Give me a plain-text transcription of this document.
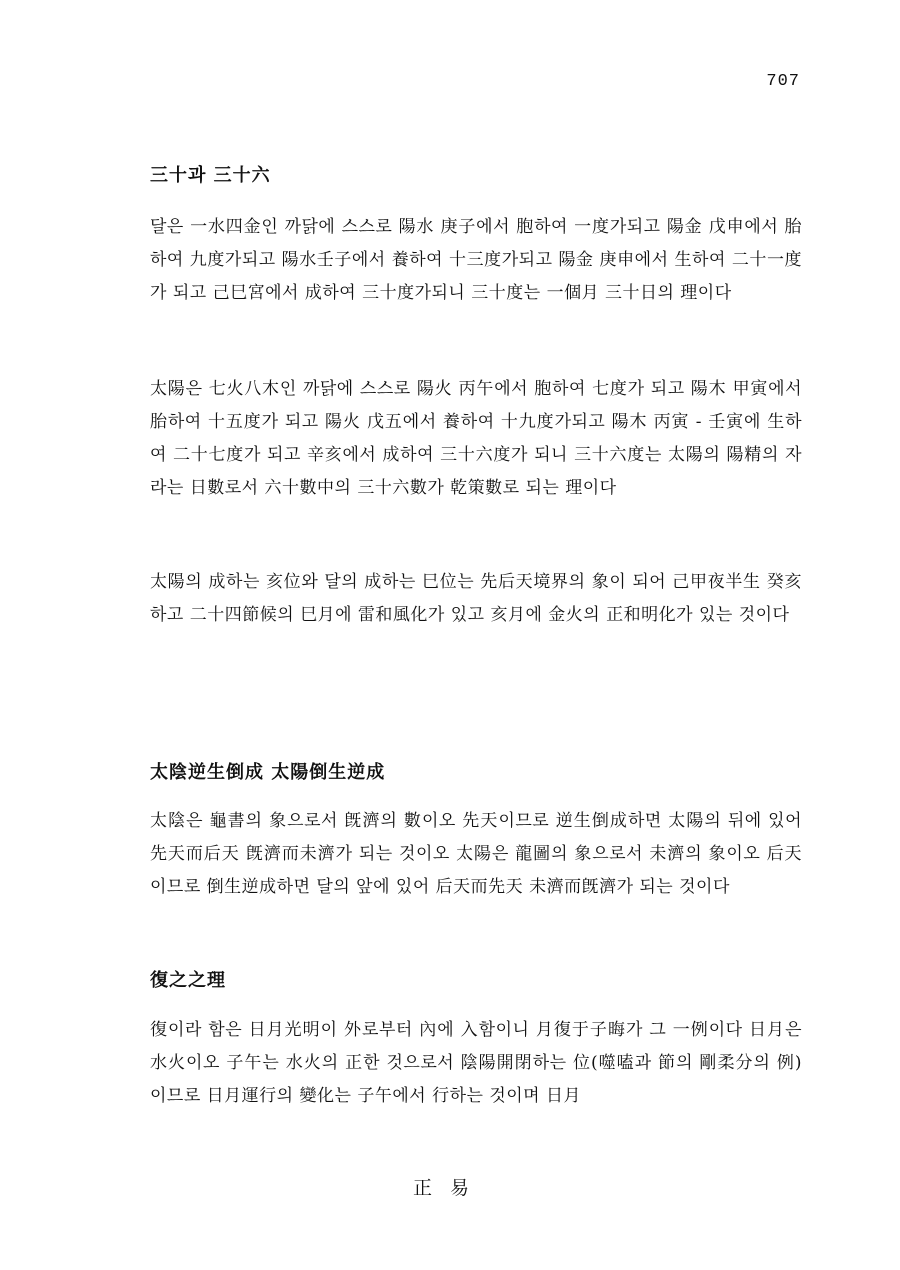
707
三十과 三十六
달은 一水四金인 까닭에 스스로 陽水 庚子에서 胞하여 一度가되고 陽金 戊申에서 胎하여 九度가되고 陽水壬子에서 養하여 十三度가되고 陽金 庚申에서 生하여 二十一度가 되고 己巳宮에서 成하여 三十度가되니 三十度는 一個月 三十日의 理이다
太陽은 七火八木인 까닭에 스스로 陽火 丙午에서 胞하여 七度가 되고 陽木 甲寅에서 胎하여 十五度가 되고 陽火 戊五에서 養하여 十九度가되고 陽木 丙寅 - 壬寅에 生하여 二十七度가 되고 辛亥에서 成하여 三十六度가 되니 三十六度는 太陽의 陽精의 자라는 日數로서 六十數中의 三十六數가 乾策數로 되는 理이다
太陽의 成하는 亥位와 달의 成하는 巳位는 先后天境界의 象이 되어 己甲夜半生 癸亥하고 二十四節候의 巳月에 雷和風化가 있고 亥月에 金火의 正和明化가 있는 것이다
太陰逆生倒成 太陽倒生逆成
太陰은 龜書의 象으로서 旣濟의 數이오 先天이므로 逆生倒成하면 太陽의 뒤에 있어 先天而后天 旣濟而未濟가 되는 것이오 太陽은 龍圖의 象으로서 未濟의 象이오 后天이므로 倒生逆成하면 달의 앞에 있어 后天而先天 未濟而旣濟가 되는 것이다
復之之理
復이라 함은 日月光明이 外로부터 內에 入함이니 月復于子晦가 그 一例이다 日月은 水火이오 子午는 水火의 正한 것으로서 陰陽開閉하는 位(噬嗑과 節의 剛柔分의 例)이므로 日月運行의 變化는 子午에서 行하는 것이며 日月
正易
